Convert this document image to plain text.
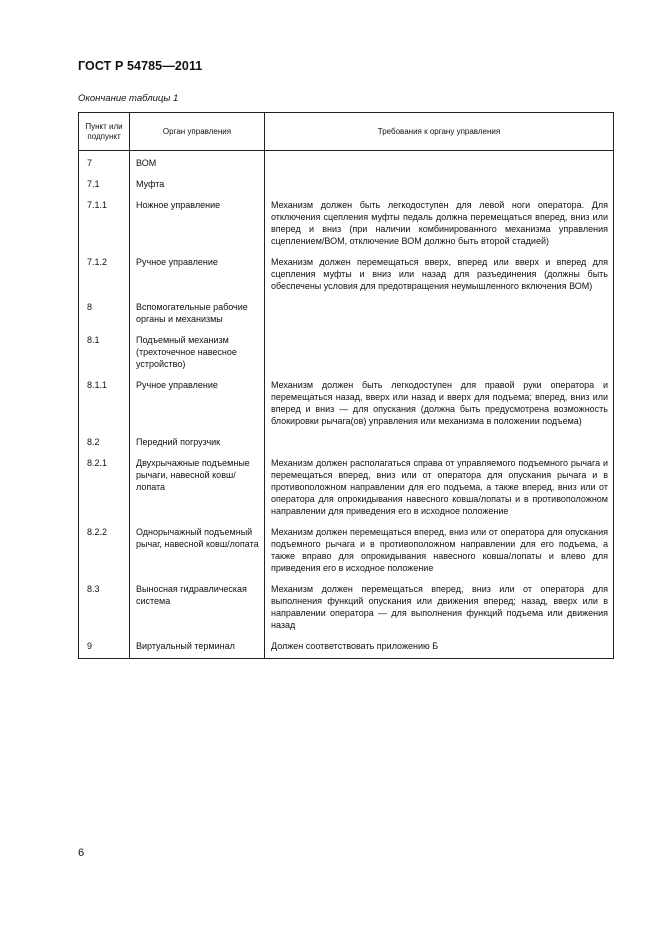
ГОСТ Р 54785—2011
Окончание таблицы 1
Пункт или подпункт	Орган управления	Требования к органу управления

7	ВОМ	
7.1	Муфта	
7.1.1	Ножное управление	Механизм должен быть легкодоступен для левой ноги оператора. Для отключения сцепления муфты педаль должна перемещаться вперед, вниз или вперед и вниз (при наличии комбинированного механизма управления сцеплением/ВОМ, отключение ВОМ должно быть второй стадией)
7.1.2	Ручное управление	Механизм должен перемещаться вверх, вперед или вверх и вперед для сцепления муфты и вниз или назад для разъединения (должны быть обеспечены условия для предотвращения неумышленного включения ВОМ)
8	Вспомогательные рабочие органы и механизмы	
8.1	Подъемный механизм (трехточечное навесное устройство)	
8.1.1	Ручное управление	Механизм должен быть легкодоступен для правой руки оператора и перемещаться назад, вверх или назад и вверх для подъема; вперед, вниз или вперед и вниз — для опускания (должна быть предусмотрена возможность блокировки рычага(ов) управления или механизма в положении подъема)
8.2	Передний погрузчик	
8.2.1	Двухрычажные подъемные рычаги, навесной ковш/лопата	Механизм должен располагаться справа от управляемого подъемного рычага и перемещаться вперед, вниз или от оператора для опускания рычага и в противоположном направлении для его подъема, а также вперед, вниз или от оператора для опрокидывания навесного ковша/лопаты и в противоположном направлении для приведения его в исходное положение
8.2.2	Однорычажный подъемный рычаг, навесной ковш/лопата	Механизм должен перемещаться вперед, вниз или от оператора для опускания подъемного рычага и в противоположном направлении для его подъема, а также вправо для опрокидывания навесного ковша/лопаты и влево для приведения его в исходное положение
8.3	Выносная гидравлическая система	Механизм должен перемещаться вперед, вниз или от оператора для выполнения функций опускания или движения вперед; назад, вверх или в направлении оператора — для выполнения функций подъема или движения назад
9	Виртуальный терминал	Должен соответствовать приложению Б
6
